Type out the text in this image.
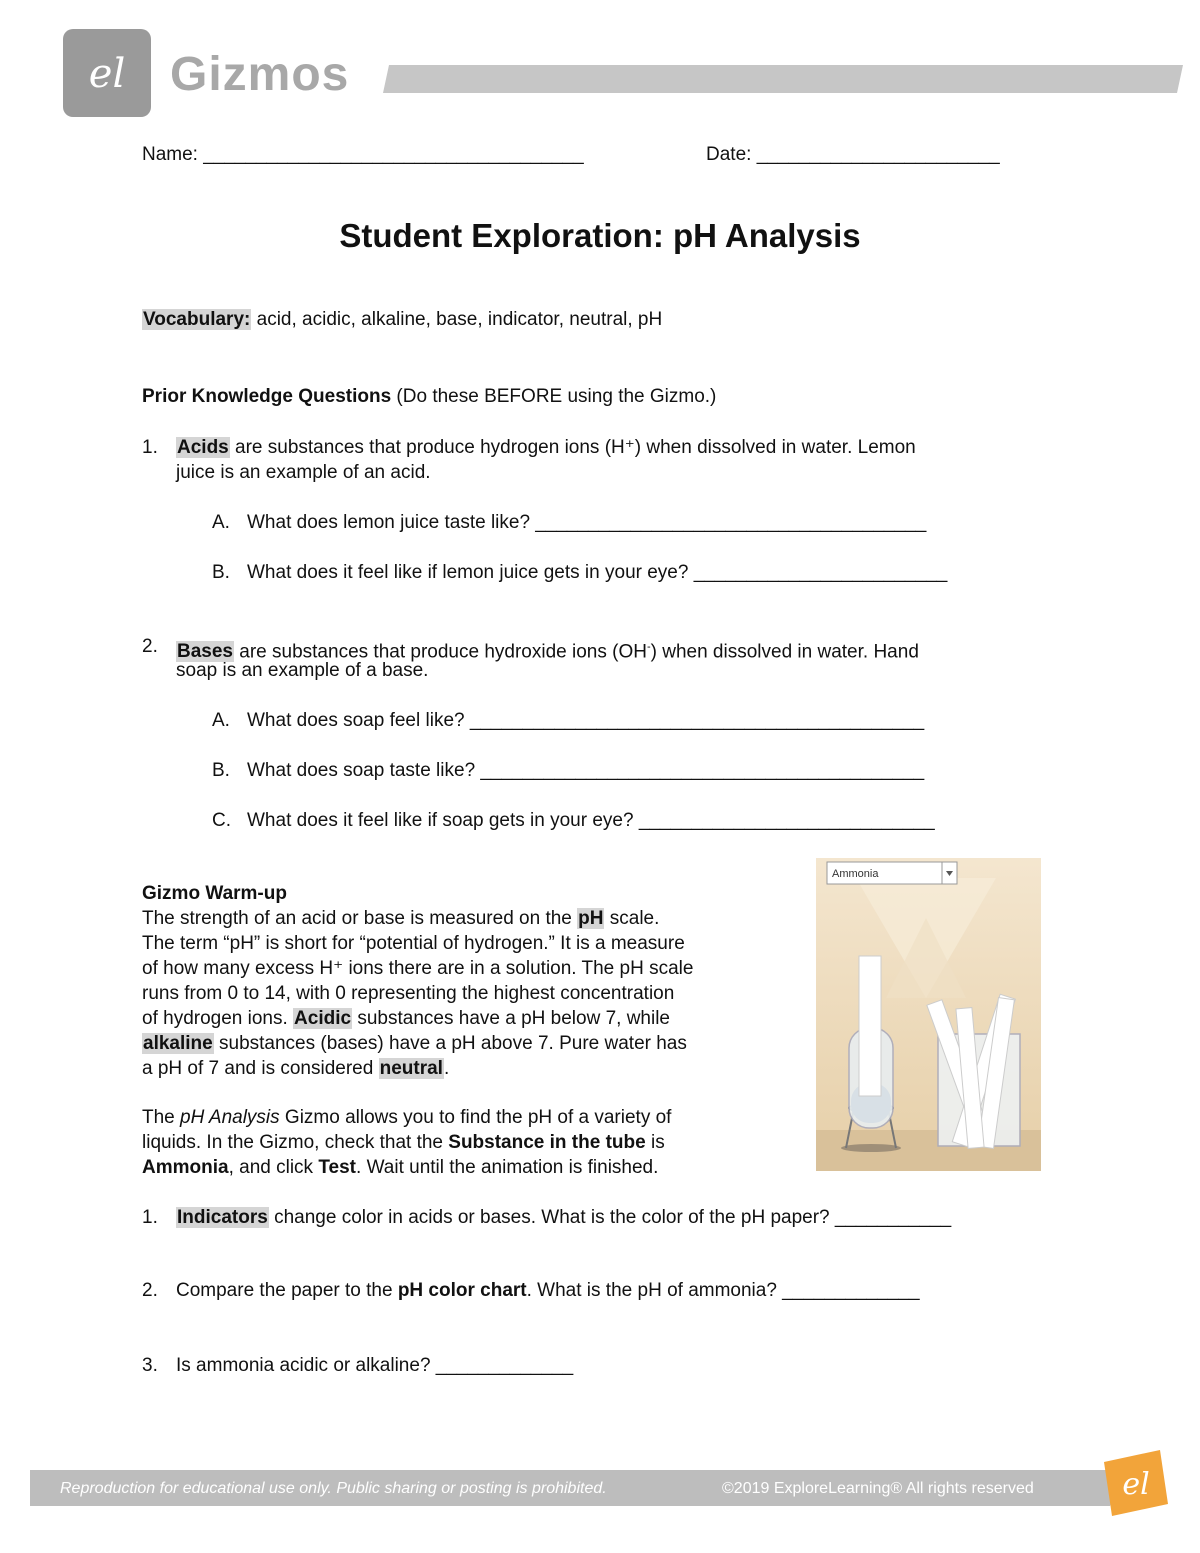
el Gizmos
Name: ____________________________________	Date: _______________________
Student Exploration: pH Analysis
Vocabulary: acid, acidic, alkaline, base, indicator, neutral, pH
Prior Knowledge Questions (Do these BEFORE using the Gizmo.)
1. Acids are substances that produce hydrogen ions (H⁺) when dissolved in water. Lemon
juice is an example of an acid.
A. What does lemon juice taste like? _____________________________________
B. What does it feel like if lemon juice gets in your eye? ________________________
2. Bases are substances that produce hydroxide ions (OH-) when dissolved in water. Hand
soap is an example of a base.
A. What does soap feel like? ___________________________________________
B. What does soap taste like? __________________________________________
C. What does it feel like if soap gets in your eye? ____________________________
Gizmo Warm-up
The strength of an acid or base is measured on the pH scale.
The term “pH” is short for “potential of hydrogen.” It is a measure
of how many excess H⁺ ions there are in a solution. The pH scale
runs from 0 to 14, with 0 representing the highest concentration
of hydrogen ions. Acidic substances have a pH below 7, while
alkaline substances (bases) have a pH above 7. Pure water has
a pH of 7 and is considered neutral.
The pH Analysis Gizmo allows you to find the pH of a variety of
liquids. In the Gizmo, check that the Substance in the tube is
Ammonia, and click Test. Wait until the animation is finished.
Ammonia
1. Indicators change color in acids or bases. What is the color of the pH paper? ___________
2. Compare the paper to the pH color chart. What is the pH of ammonia? _____________
3. Is ammonia acidic or alkaline? _____________
Reproduction for educational use only. Public sharing or posting is prohibited.	©2019 ExploreLearning® All rights reserved	el
